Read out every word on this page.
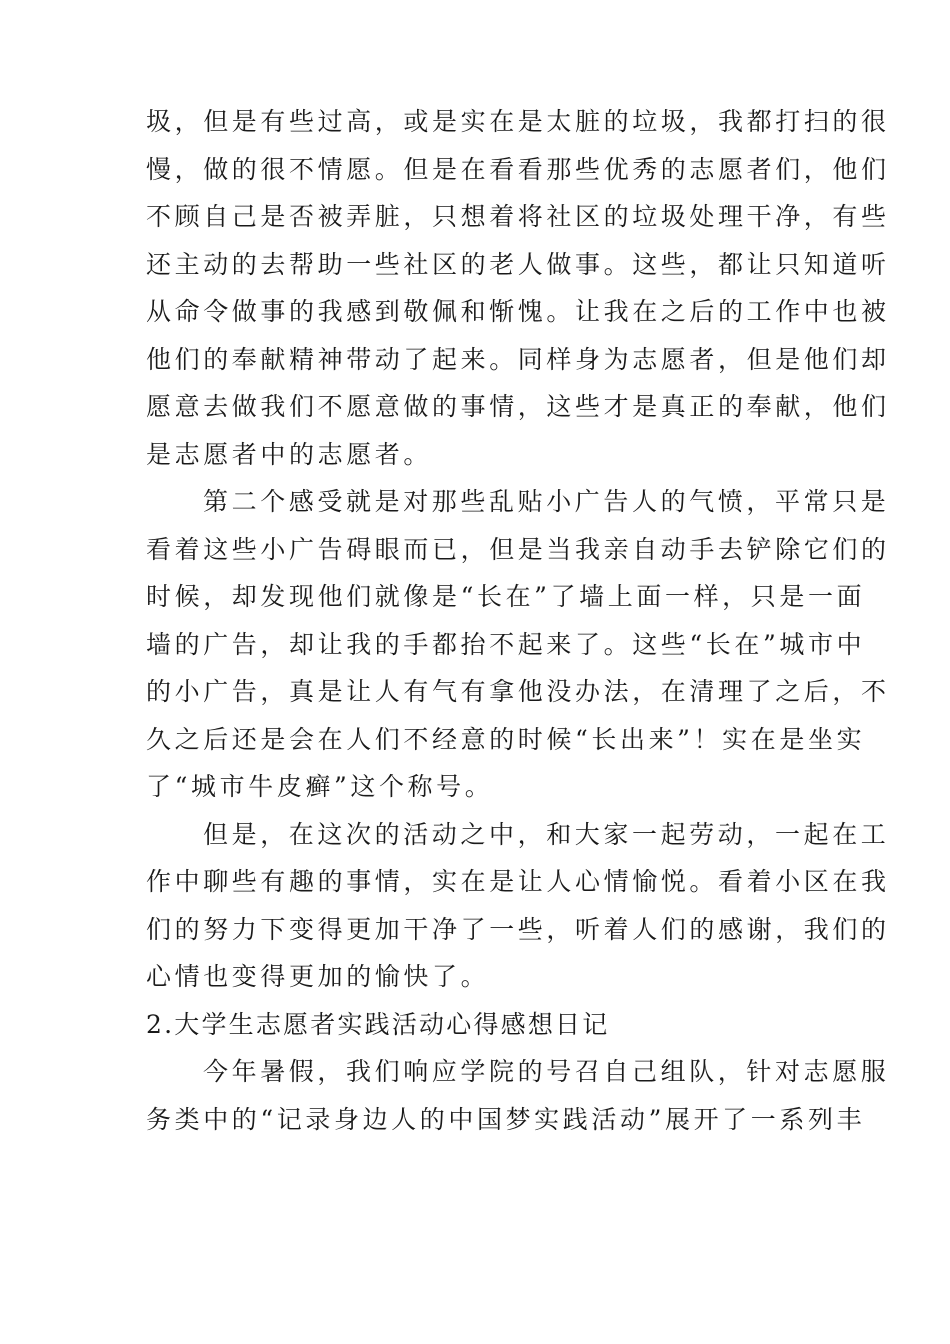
圾，但是有些过高，或是实在是太脏的垃圾，我都打扫的很
慢，做的很不情愿。但是在看看那些优秀的志愿者们，他们
不顾自己是否被弄脏，只想着将社区的垃圾处理干净，有些
还主动的去帮助一些社区的老人做事。这些，都让只知道听
从命令做事的我感到敬佩和惭愧。让我在之后的工作中也被
他们的奉献精神带动了起来。同样身为志愿者，但是他们却
愿意去做我们不愿意做的事情，这些才是真正的奉献，他们
是志愿者中的志愿者。
第二个感受就是对那些乱贴小广告人的气愤，平常只是
看着这些小广告碍眼而已，但是当我亲自动手去铲除它们的
时候，却发现他们就像是“长在”了墙上面一样，只是一面
墙的广告，却让我的手都抬不起来了。这些“长在”城市中
的小广告，真是让人有气有拿他没办法，在清理了之后，不
久之后还是会在人们不经意的时候“长出来”！实在是坐实
了“城市牛皮癣”这个称号。
但是，在这次的活动之中，和大家一起劳动，一起在工
作中聊些有趣的事情，实在是让人心情愉悦。看着小区在我
们的努力下变得更加干净了一些，听着人们的感谢，我们的
心情也变得更加的愉快了。
2.大学生志愿者实践活动心得感想日记
今年暑假，我们响应学院的号召自己组队，针对志愿服
务类中的“记录身边人的中国梦实践活动”展开了一系列丰
